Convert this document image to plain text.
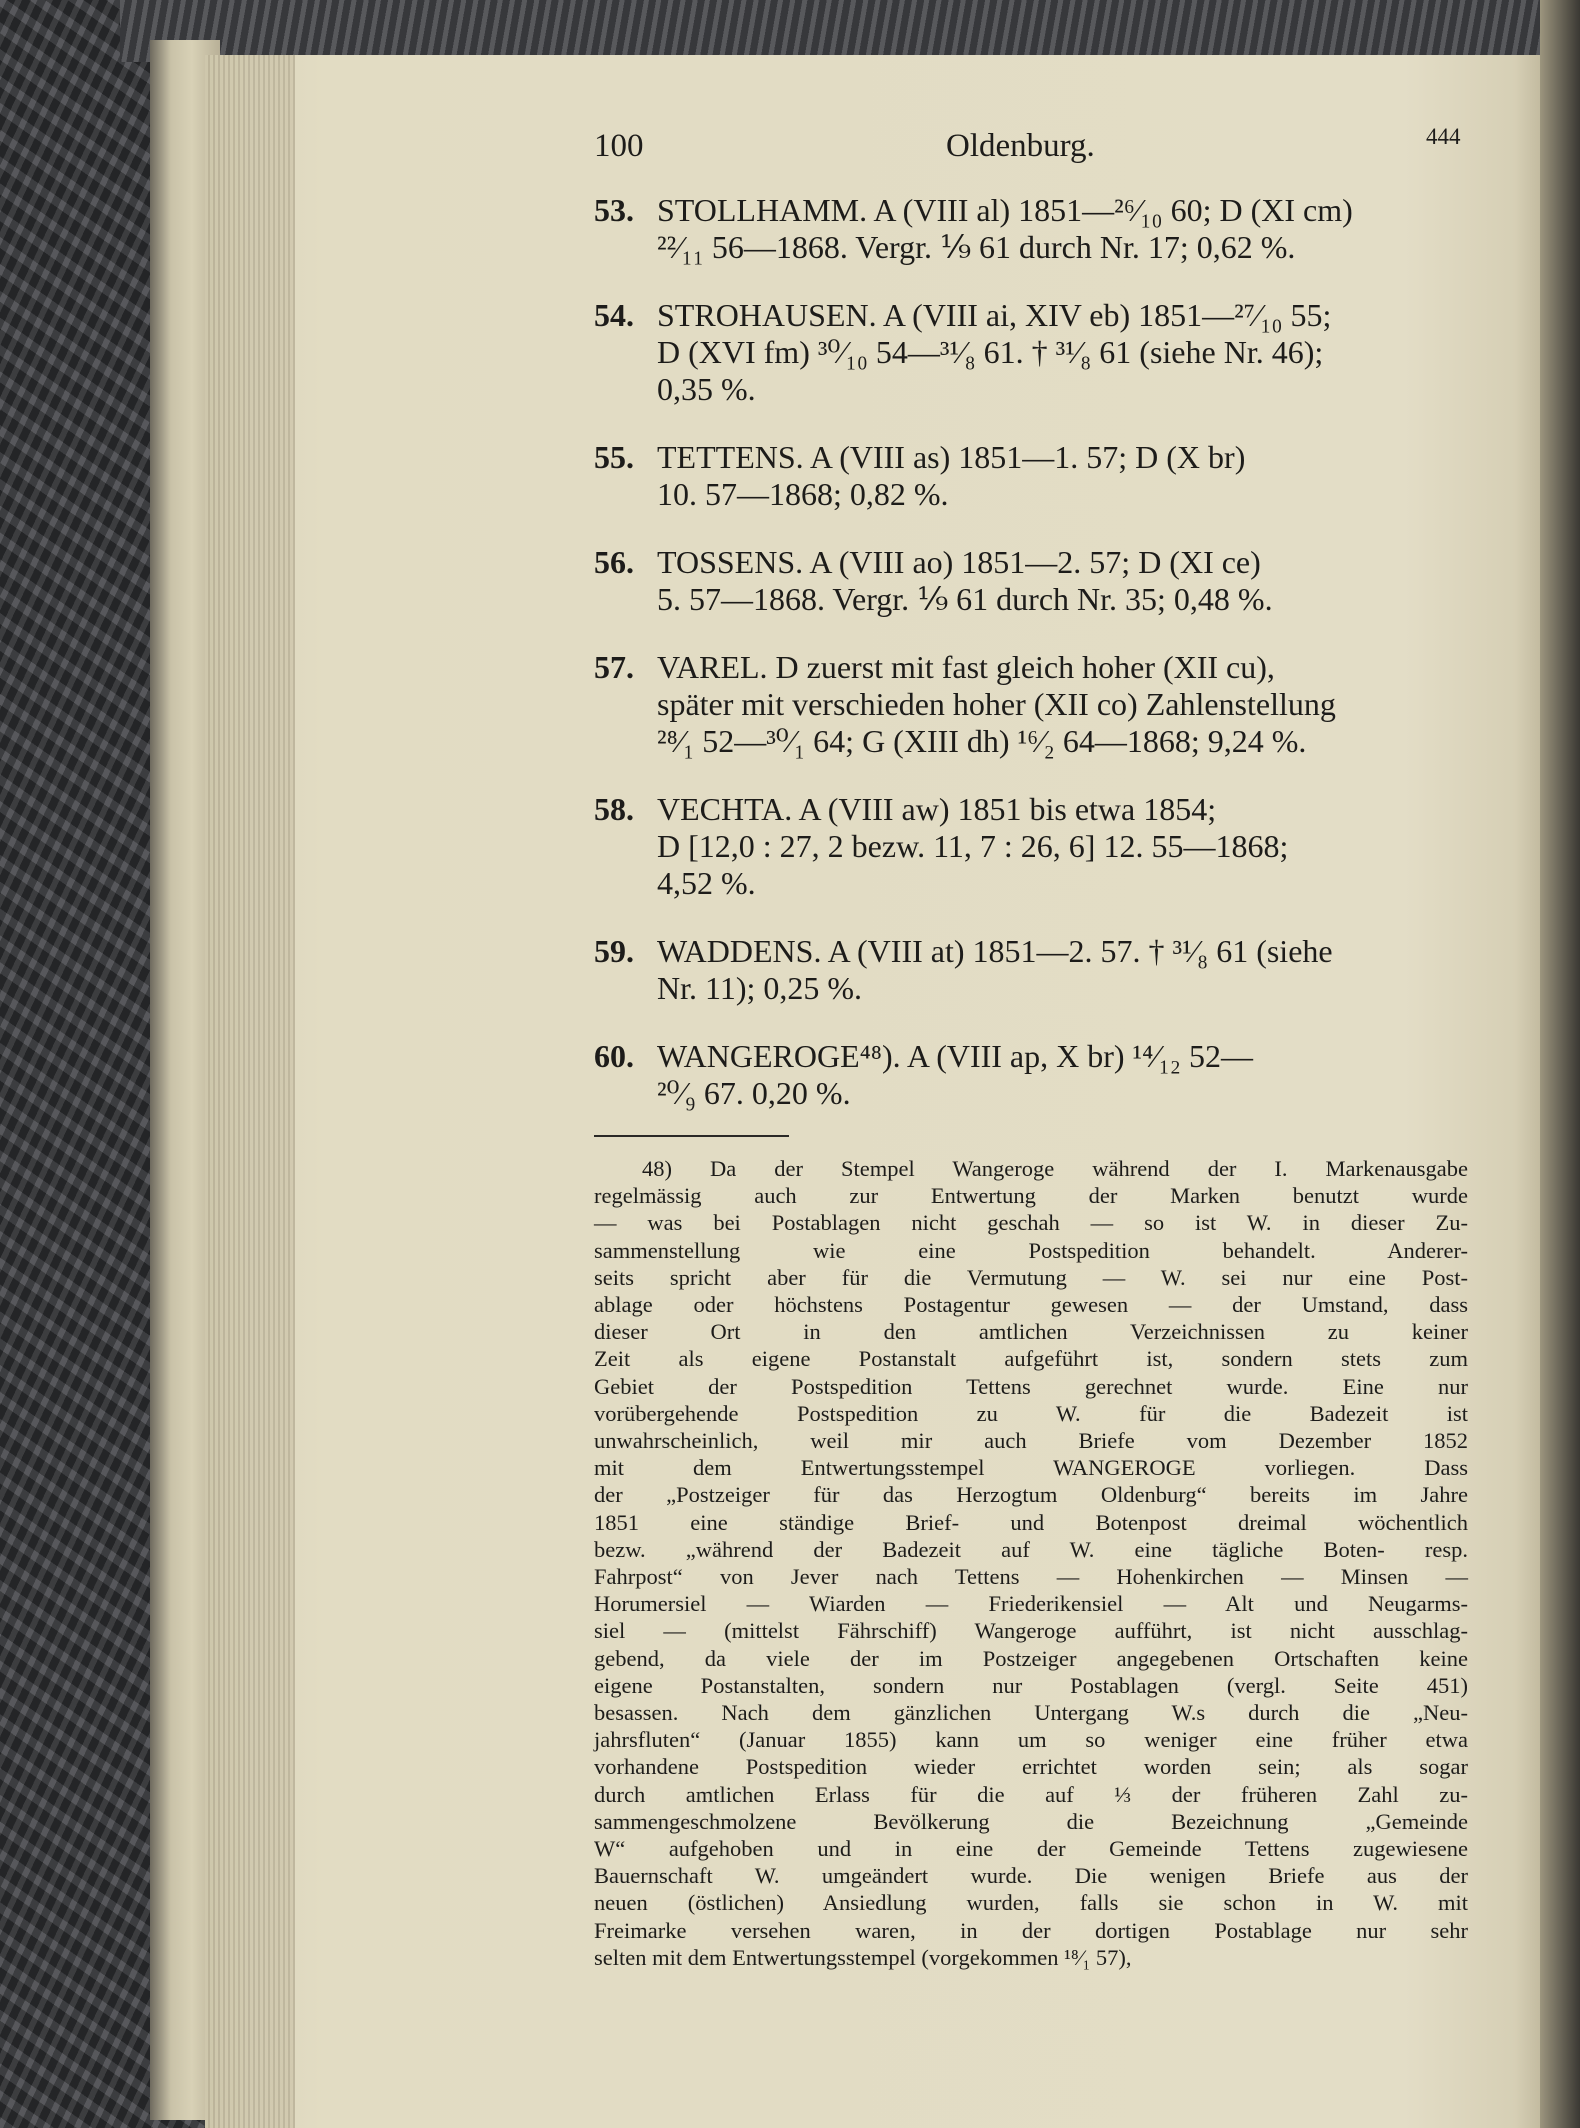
100	Oldenburg.	444
53. STOLLHAMM. A (VIII al) 1851—²⁶⁄₁₀ 60; D (XI cm)
²²⁄₁₁ 56—1868. Vergr. ⅑ 61 durch Nr. 17; 0,62 %.
54. STROHAUSEN. A (VIII ai, XIV eb) 1851—²⁷⁄₁₀ 55;
D (XVI fm) ³⁰⁄₁₀ 54—³¹⁄₈ 61. † ³¹⁄₈ 61 (siehe Nr. 46);
0,35 %.
55. TETTENS. A (VIII as) 1851—1. 57; D (X br)
10. 57—1868; 0,82 %.
56. TOSSENS. A (VIII ao) 1851—2. 57; D (XI ce)
5. 57—1868. Vergr. ⅑ 61 durch Nr. 35; 0,48 %.
57. VAREL. D zuerst mit fast gleich hoher (XII cu),
später mit verschieden hoher (XII co) Zahlenstellung
²⁸⁄₁ 52—³⁰⁄₁ 64; G (XIII dh) ¹⁶⁄₂ 64—1868; 9,24 %.
58. VECHTA. A (VIII aw) 1851 bis etwa 1854;
D [12,0 : 27, 2 bezw. 11, 7 : 26, 6] 12. 55—1868;
4,52 %.
59. WADDENS. A (VIII at) 1851—2. 57. † ³¹⁄₈ 61 (siehe
Nr. 11); 0,25 %.
60. WANGEROGE⁴⁸). A (VIII ap, X br) ¹⁴⁄₁₂ 52—
²⁰⁄₉ 67. 0,20 %.
48) Da der Stempel Wangeroge während der I. Markenausgabe
regelmässig auch zur Entwertung der Marken benutzt wurde
— was bei Postablagen nicht geschah — so ist W. in dieser Zu-
sammenstellung wie eine Postspedition behandelt. Anderer-
seits spricht aber für die Vermutung — W. sei nur eine Post-
ablage oder höchstens Postagentur gewesen — der Umstand, dass
dieser Ort in den amtlichen Verzeichnissen zu keiner
Zeit als eigene Postanstalt aufgeführt ist, sondern stets zum
Gebiet der Postspedition Tettens gerechnet wurde. Eine nur
vorübergehende Postspedition zu W. für die Badezeit ist
unwahrscheinlich, weil mir auch Briefe vom Dezember 1852
mit dem Entwertungsstempel WANGEROGE vorliegen. Dass
der „Postzeiger für das Herzogtum Oldenburg“ bereits im Jahre
1851 eine ständige Brief- und Botenpost dreimal wöchentlich
bezw. „während der Badezeit auf W. eine tägliche Boten- resp.
Fahrpost“ von Jever nach Tettens — Hohenkirchen — Minsen —
Horumersiel — Wiarden — Friederikensiel — Alt und Neugarms-
siel — (mittelst Fährschiff) Wangeroge aufführt, ist nicht ausschlag-
gebend, da viele der im Postzeiger angegebenen Ortschaften keine
eigene Postanstalten, sondern nur Postablagen (vergl. Seite 451)
besassen. Nach dem gänzlichen Untergang W.s durch die „Neu-
jahrsfluten“ (Januar 1855) kann um so weniger eine früher etwa
vorhandene Postspedition wieder errichtet worden sein; als sogar
durch amtlichen Erlass für die auf ⅓ der früheren Zahl zu-
sammengeschmolzene Bevölkerung die Bezeichnung „Gemeinde
W“ aufgehoben und in eine der Gemeinde Tettens zugewiesene
Bauernschaft W. umgeändert wurde. Die wenigen Briefe aus der
neuen (östlichen) Ansiedlung wurden, falls sie schon in W. mit
Freimarke versehen waren, in der dortigen Postablage nur sehr
selten mit dem Entwertungsstempel (vorgekommen ¹⁸⁄₁ 57),
